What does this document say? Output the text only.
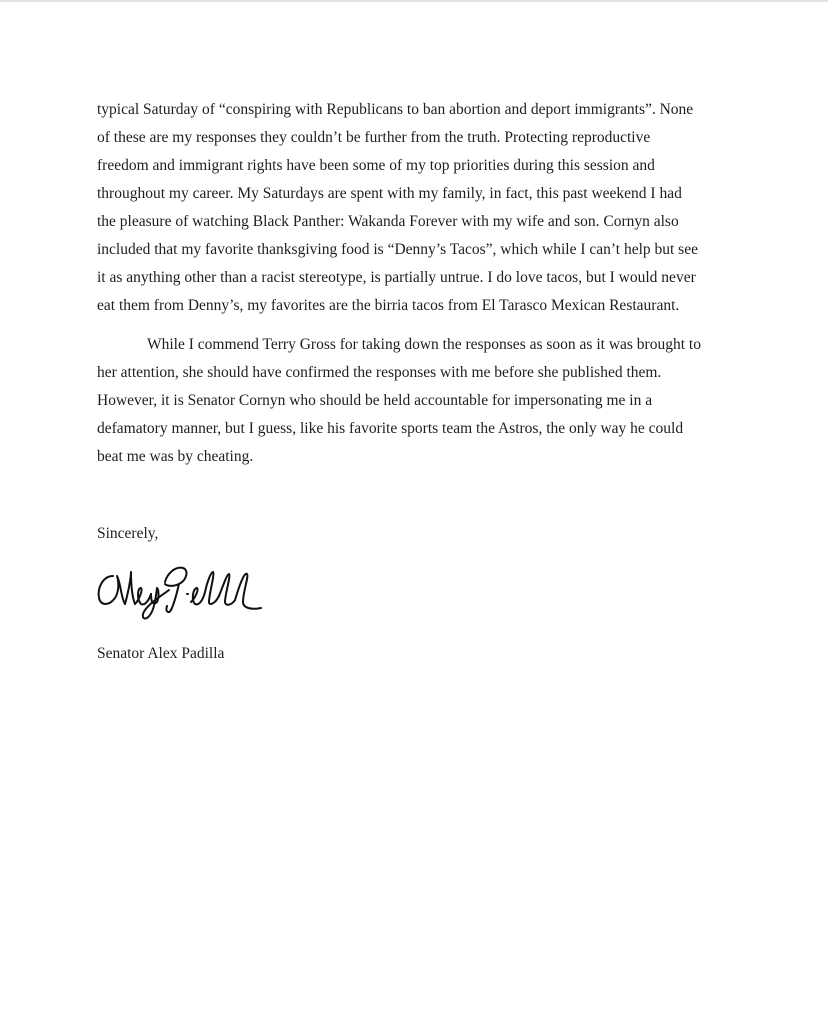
typical Saturday of “conspiring with Republicans to ban abortion and deport immigrants”. None
of these are my responses they couldn’t be further from the truth. Protecting reproductive
freedom and immigrant rights have been some of my top priorities during this session and
throughout my career. My Saturdays are spent with my family, in fact, this past weekend I had
the pleasure of watching Black Panther: Wakanda Forever with my wife and son. Cornyn also
included that my favorite thanksgiving food is “Denny’s Tacos”, which while I can’t help but see
it as anything other than a racist stereotype, is partially untrue. I do love tacos, but I would never
eat them from Denny’s, my favorites are the birria tacos from El Tarasco Mexican Restaurant.

While I commend Terry Gross for taking down the responses as soon as it was brought to
her attention, she should have confirmed the responses with me before she published them.
However, it is Senator Cornyn who should be held accountable for impersonating me in a
defamatory manner, but I guess, like his favorite sports team the Astros, the only way he could
beat me was by cheating.

Sincerely,

Senator Alex Padilla
